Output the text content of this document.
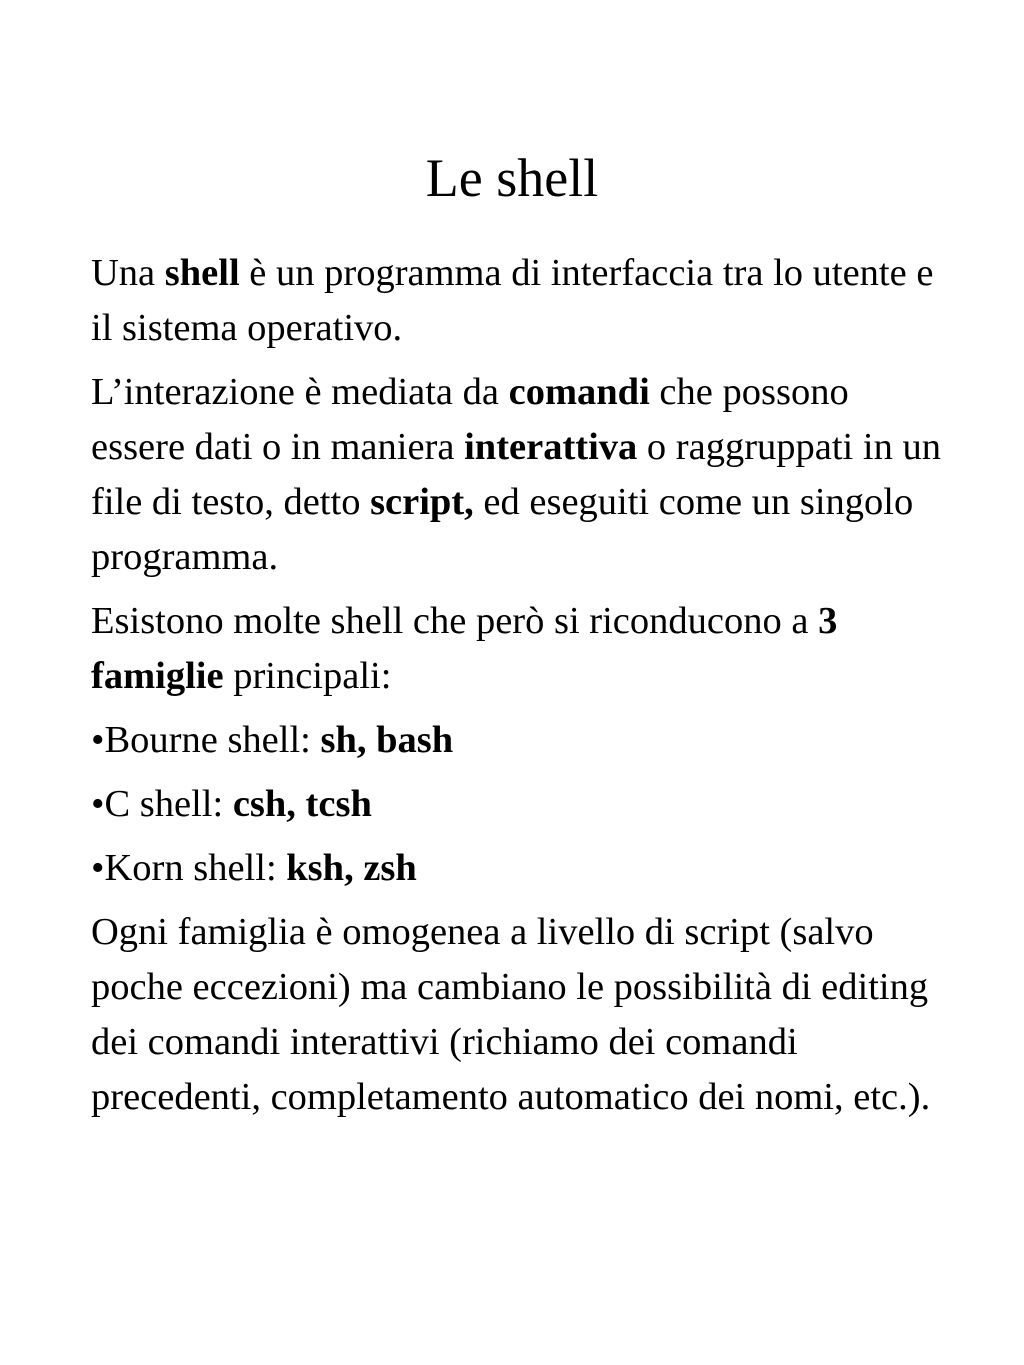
Le shell

Una shell è un programma di interfaccia tra lo utente e il sistema operativo.

L’interazione è mediata da comandi che possono essere dati o in maniera interattiva o raggruppati in un file di testo, detto script, ed eseguiti come un singolo programma.

Esistono molte shell che però si riconducono a 3 famiglie principali:

•Bourne shell: sh, bash

•C shell: csh, tcsh

•Korn shell: ksh, zsh

Ogni famiglia è omogenea a livello di script (salvo poche eccezioni) ma cambiano le possibilità di editing dei comandi interattivi (richiamo dei comandi precedenti, completamento automatico dei nomi, etc.).
